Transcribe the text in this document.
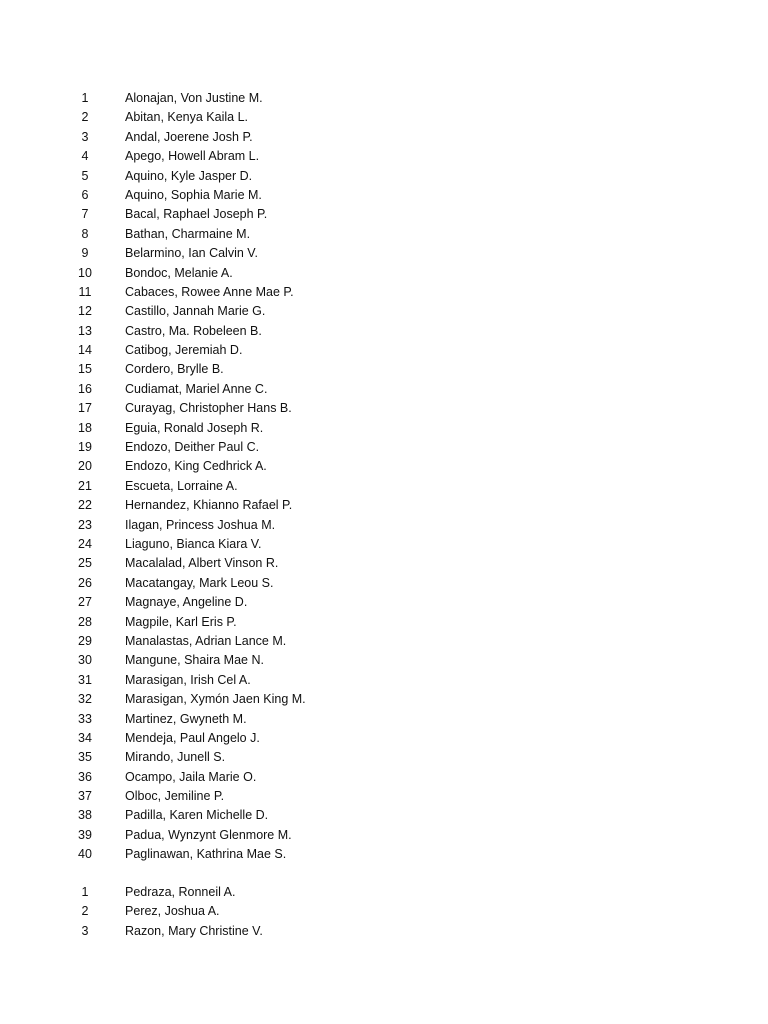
1	Alonajan, Von Justine M.
2	Abitan, Kenya Kaila L.
3	Andal, Joerene Josh P.
4	Apego, Howell Abram L.
5	Aquino, Kyle Jasper D.
6	Aquino, Sophia Marie M.
7	Bacal, Raphael Joseph P.
8	Bathan, Charmaine M.
9	Belarmino, Ian Calvin V.
10	Bondoc, Melanie A.
11	Cabaces, Rowee Anne Mae P.
12	Castillo, Jannah Marie G.
13	Castro, Ma. Robeleen B.
14	Catibog, Jeremiah D.
15	Cordero, Brylle B.
16	Cudiamat, Mariel Anne C.
17	Curayag, Christopher Hans B.
18	Eguia, Ronald Joseph R.
19	Endozo, Deither Paul C.
20	Endozo, King Cedhrick A.
21	Escueta, Lorraine A.
22	Hernandez, Khianno Rafael P.
23	Ilagan, Princess Joshua M.
24	Liaguno, Bianca Kiara V.
25	Macalalad, Albert Vinson R.
26	Macatangay, Mark Leou S.
27	Magnaye, Angeline D.
28	Magpile, Karl Eris P.
29	Manalastas, Adrian Lance M.
30	Mangune, Shaira Mae N.
31	Marasigan, Irish Cel A.
32	Marasigan, Xymón Jaen King M.
33	Martinez, Gwyneth M.
34	Mendeja, Paul Angelo J.
35	Mirando, Junell S.
36	Ocampo, Jaila Marie O.
37	Olboc, Jemiline P.
38	Padilla, Karen Michelle D.
39	Padua, Wynzynt Glenmore M.
40	Paglinawan, Kathrina Mae S.
1	Pedraza, Ronneil A.
2	Perez, Joshua A.
3	Razon, Mary Christine V.
